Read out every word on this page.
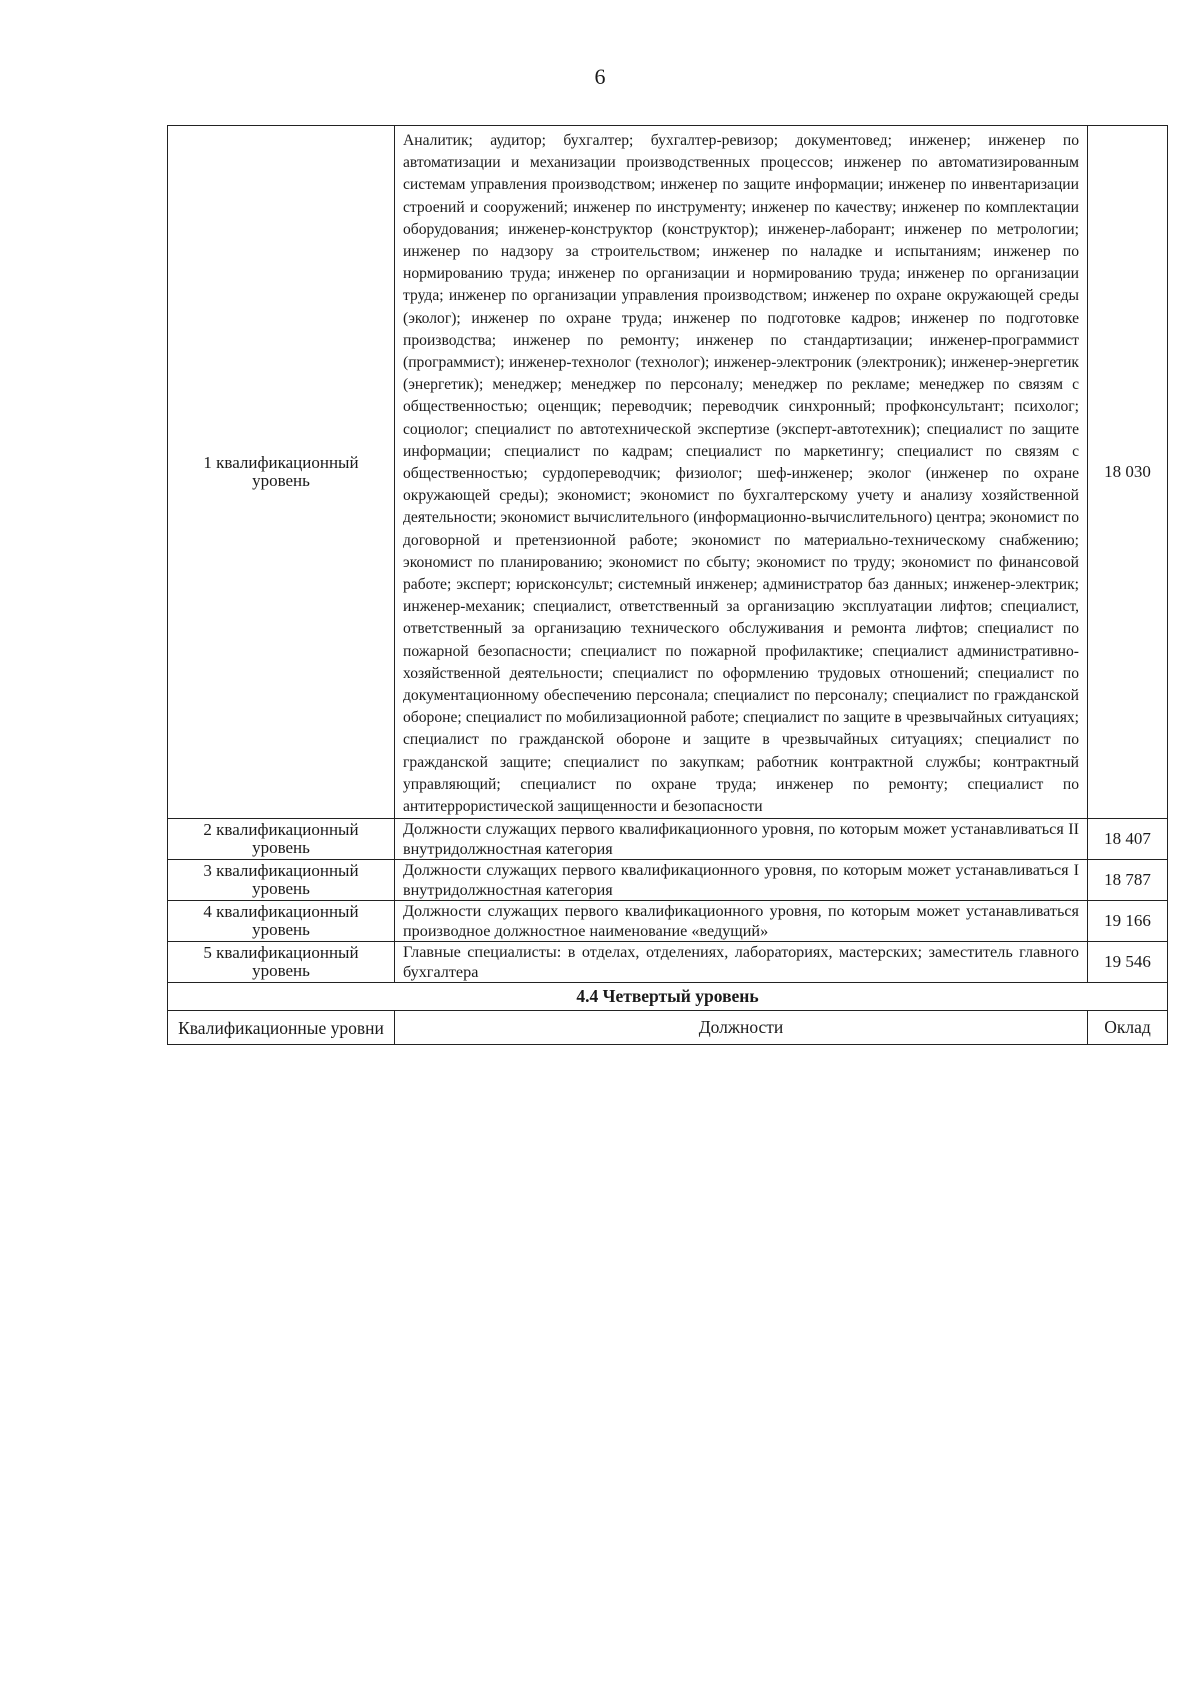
6
1 квалификационный уровень	Аналитик; аудитор; бухгалтер; бухгалтер-ревизор; документовед; инженер; инженер по автоматизации и механизации производственных процессов; инженер по автоматизированным системам управления производством; инженер по защите информации; инженер по инвентаризации строений и сооружений; инженер по инструменту; инженер по качеству; инженер по комплектации оборудования; инженер-конструктор (конструктор); инженер-лаборант; инженер по метрологии; инженер по надзору за строительством; инженер по наладке и испытаниям; инженер по нормированию труда; инженер по организации и нормированию труда; инженер по организации труда; инженер по организации управления производством; инженер по охране окружающей среды (эколог); инженер по охране труда; инженер по подготовке кадров; инженер по подготовке производства; инженер по ремонту; инженер по стандартизации; инженер-программист (программист); инженер-технолог (технолог); инженер-электроник (электроник); инженер-энергетик (энергетик); менеджер; менеджер по персоналу; менеджер по рекламе; менеджер по связям с общественностью; оценщик; переводчик; переводчик синхронный; профконсультант; психолог; социолог; специалист по автотехнической экспертизе (эксперт-автотехник); специалист по защите информации; специалист по кадрам; специалист по маркетингу; специалист по связям с общественностью; сурдопереводчик; физиолог; шеф-инженер; эколог (инженер по охране окружающей среды); экономист; экономист по бухгалтерскому учету и анализу хозяйственной деятельности; экономист вычислительного (информационно-вычислительного) центра; экономист по договорной и претензионной работе; экономист по материально-техническому снабжению; экономист по планированию; экономист по сбыту; экономист по труду; экономист по финансовой работе; эксперт; юрисконсульт; системный инженер; администратор баз данных; инженер-электрик; инженер-механик; специалист, ответственный за организацию эксплуатации лифтов; специалист, ответственный за организацию технического обслуживания и ремонта лифтов; специалист по пожарной безопасности; специалист по пожарной профилактике; специалист административно-хозяйственной деятельности; специалист по оформлению трудовых отношений; специалист по документационному обеспечению персонала; специалист по персоналу; специалист по гражданской обороне; специалист по мобилизационной работе; специалист по защите в чрезвычайных ситуациях; специалист по гражданской обороне и защите в чрезвычайных ситуациях; специалист по гражданской защите; специалист по закупкам; работник контрактной службы; контрактный управляющий; специалист по охране труда; инженер по ремонту; специалист по антитеррористической защищенности и безопасности	18 030
2 квалификационный уровень	Должности служащих первого квалификационного уровня, по которым может устанавливаться II внутридолжностная категория	18 407
3 квалификационный уровень	Должности служащих первого квалификационного уровня, по которым может устанавливаться I внутридолжностная категория	18 787
4 квалификационный уровень	Должности служащих первого квалификационного уровня, по которым может устанавливаться производное должностное наименование «ведущий»	19 166
5 квалификационный уровень	Главные специалисты: в отделах, отделениях, лабораториях, мастерских; заместитель главного бухгалтера	19 546
4.4 Четвертый уровень		
Квалификационные уровни	Должности	Оклад
